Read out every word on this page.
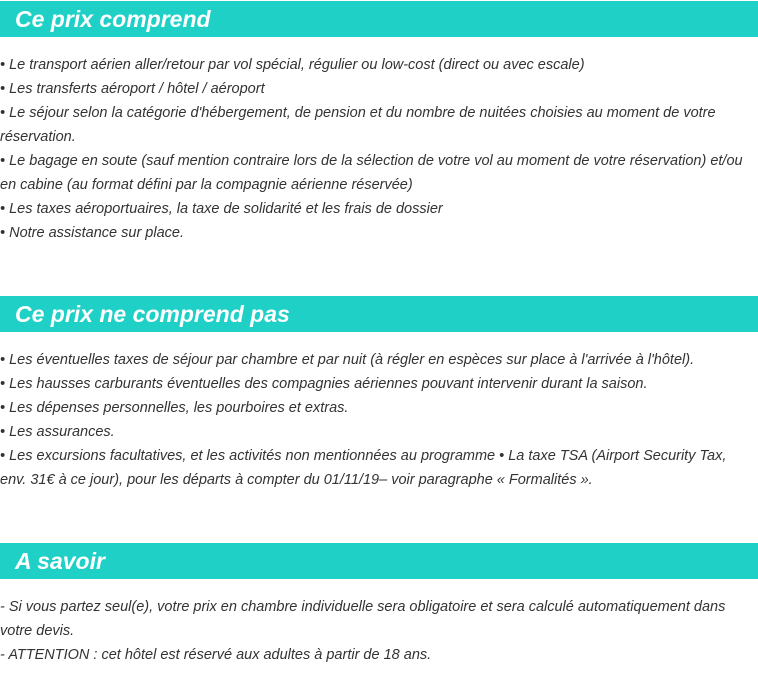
Ce prix comprend

• Le transport aérien aller/retour par vol spécial, régulier ou low-cost (direct ou avec escale)

• Les transferts aéroport / hôtel / aéroport

• Le séjour selon la catégorie d'hébergement, de pension et du nombre de nuitées choisies au moment de votre réservation.

• Le bagage en soute (sauf mention contraire lors de la sélection de votre vol au moment de votre réservation) et/ou en cabine (au format défini par la compagnie aérienne réservée)

• Les taxes aéroportuaires, la taxe de solidarité et les frais de dossier

• Notre assistance sur place.

Ce prix ne comprend pas

• Les éventuelles taxes de séjour par chambre et par nuit (à régler en espèces sur place à l'arrivée à l'hôtel).

• Les hausses carburants éventuelles des compagnies aériennes pouvant intervenir durant la saison.

• Les dépenses personnelles, les pourboires et extras.

• Les assurances.

• Les excursions facultatives, et les activités non mentionnées au programme • La taxe TSA (Airport Security Tax, env. 31€ à ce jour), pour les départs à compter du 01/11/19– voir paragraphe « Formalités ».

A savoir

- Si vous partez seul(e), votre prix en chambre individuelle sera obligatoire et sera calculé automatiquement dans votre devis.

- ATTENTION : cet hôtel est réservé aux adultes à partir de 18 ans.
